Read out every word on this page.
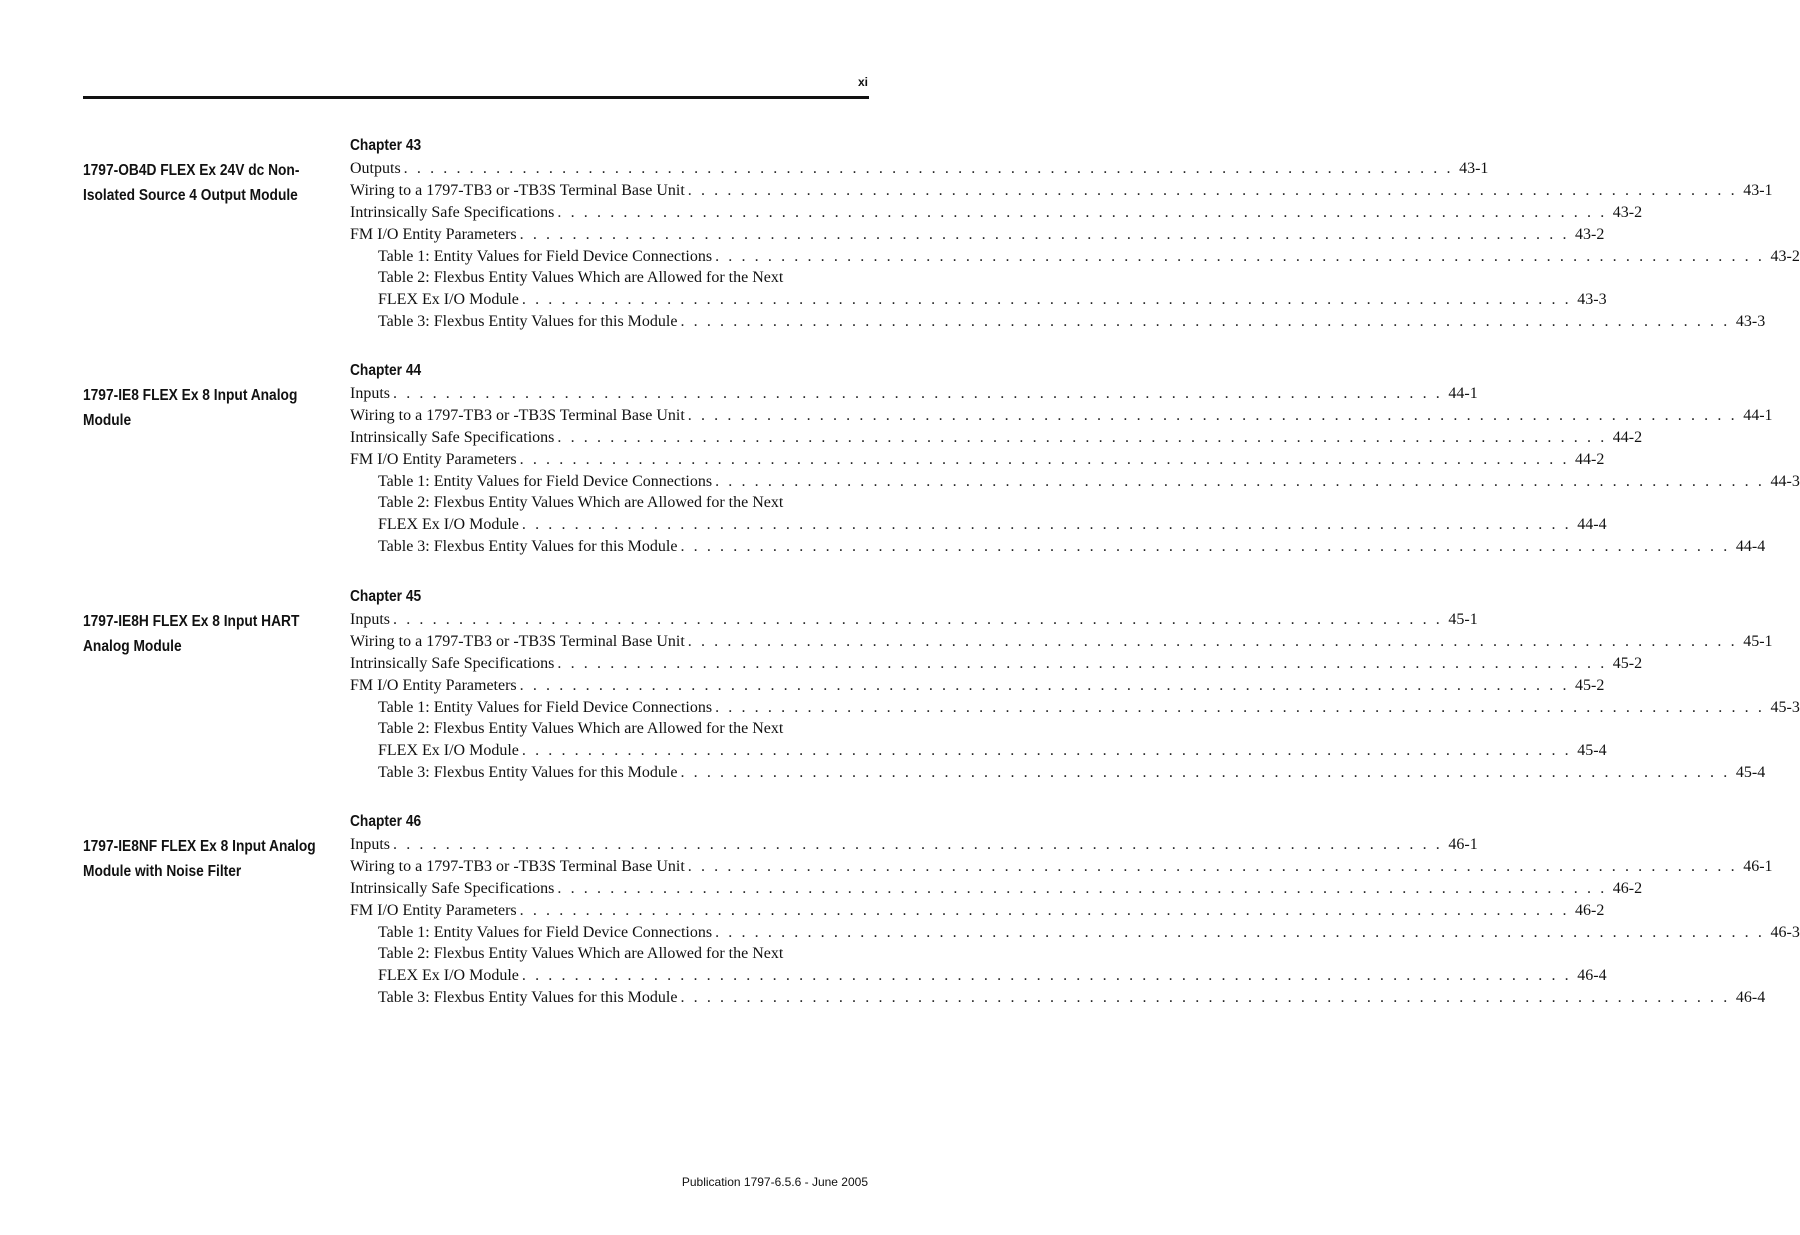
xi
1797-OB4D FLEX Ex 24V dc Non-Isolated Source 4 Output Module
Chapter 43
Outputs . . . . . . . . . . . . . . . . . . . . . . . . . . . . . . . . . . . . . . . . . . . . . . . . . . . . . . . . . . . . . . . . . . . . . . . . . . . . . . . . 43-1
Wiring to a 1797-TB3 or -TB3S Terminal Base Unit . . . . . . . . . . . . . . . . . . . . . . . . . . . . . . . . . . . . . . . . . . . . . . . . . . . . . . . . . . . . . . . . . . . . . . . . . . . . . . . . 43-1
Intrinsically Safe Specifications . . . . . . . . . . . . . . . . . . . . . . . . . . . . . . . . . . . . . . . . . . . . . . . . . . . . . . . . . . . . . . . . . . . . . . . . . . . . . . . . 43-2
FM I/O Entity Parameters . . . . . . . . . . . . . . . . . . . . . . . . . . . . . . . . . . . . . . . . . . . . . . . . . . . . . . . . . . . . . . . . . . . . . . . . . . . . . . . . 43-2
Table 1: Entity Values for Field Device Connections . . . . . . . . . . . . . . . . . . . . . . . . . . . . . . . . . . . . . . . . . . . . . . . . . . . . . . . . . . . . . . . . . . . . . . . . . . . . . . . . 43-2
Table 2: Flexbus Entity Values Which are Allowed for the Next
FLEX Ex I/O Module . . . . . . . . . . . . . . . . . . . . . . . . . . . . . . . . . . . . . . . . . . . . . . . . . . . . . . . . . . . . . . . . . . . . . . . . . . . . . . . . 43-3
Table 3: Flexbus Entity Values for this Module . . . . . . . . . . . . . . . . . . . . . . . . . . . . . . . . . . . . . . . . . . . . . . . . . . . . . . . . . . . . . . . . . . . . . . . . . . . . . . . . 43-3
1797-IE8 FLEX Ex 8 Input Analog Module
Chapter 44
Inputs . . . . . . . . . . . . . . . . . . . . . . . . . . . . . . . . . . . . . . . . . . . . . . . . . . . . . . . . . . . . . . . . . . . . . . . . . . . . . . . . 44-1
Wiring to a 1797-TB3 or -TB3S Terminal Base Unit . . . . . . . . . . . . . . . . . . . . . . . . . . . . . . . . . . . . . . . . . . . . . . . . . . . . . . . . . . . . . . . . . . . . . . . . . . . . . . . . 44-1
Intrinsically Safe Specifications . . . . . . . . . . . . . . . . . . . . . . . . . . . . . . . . . . . . . . . . . . . . . . . . . . . . . . . . . . . . . . . . . . . . . . . . . . . . . . . . 44-2
FM I/O Entity Parameters . . . . . . . . . . . . . . . . . . . . . . . . . . . . . . . . . . . . . . . . . . . . . . . . . . . . . . . . . . . . . . . . . . . . . . . . . . . . . . . . 44-2
Table 1: Entity Values for Field Device Connections . . . . . . . . . . . . . . . . . . . . . . . . . . . . . . . . . . . . . . . . . . . . . . . . . . . . . . . . . . . . . . . . . . . . . . . . . . . . . . . . 44-3
Table 2: Flexbus Entity Values Which are Allowed for the Next
FLEX Ex I/O Module . . . . . . . . . . . . . . . . . . . . . . . . . . . . . . . . . . . . . . . . . . . . . . . . . . . . . . . . . . . . . . . . . . . . . . . . . . . . . . . . 44-4
Table 3: Flexbus Entity Values for this Module . . . . . . . . . . . . . . . . . . . . . . . . . . . . . . . . . . . . . . . . . . . . . . . . . . . . . . . . . . . . . . . . . . . . . . . . . . . . . . . . 44-4
1797-IE8H FLEX Ex 8 Input HART Analog Module
Chapter 45
Inputs . . . . . . . . . . . . . . . . . . . . . . . . . . . . . . . . . . . . . . . . . . . . . . . . . . . . . . . . . . . . . . . . . . . . . . . . . . . . . . . . 45-1
Wiring to a 1797-TB3 or -TB3S Terminal Base Unit . . . . . . . . . . . . . . . . . . . . . . . . . . . . . . . . . . . . . . . . . . . . . . . . . . . . . . . . . . . . . . . . . . . . . . . . . . . . . . . . 45-1
Intrinsically Safe Specifications . . . . . . . . . . . . . . . . . . . . . . . . . . . . . . . . . . . . . . . . . . . . . . . . . . . . . . . . . . . . . . . . . . . . . . . . . . . . . . . . 45-2
FM I/O Entity Parameters . . . . . . . . . . . . . . . . . . . . . . . . . . . . . . . . . . . . . . . . . . . . . . . . . . . . . . . . . . . . . . . . . . . . . . . . . . . . . . . . 45-2
Table 1: Entity Values for Field Device Connections . . . . . . . . . . . . . . . . . . . . . . . . . . . . . . . . . . . . . . . . . . . . . . . . . . . . . . . . . . . . . . . . . . . . . . . . . . . . . . . . 45-3
Table 2: Flexbus Entity Values Which are Allowed for the Next
FLEX Ex I/O Module . . . . . . . . . . . . . . . . . . . . . . . . . . . . . . . . . . . . . . . . . . . . . . . . . . . . . . . . . . . . . . . . . . . . . . . . . . . . . . . . 45-4
Table 3: Flexbus Entity Values for this Module . . . . . . . . . . . . . . . . . . . . . . . . . . . . . . . . . . . . . . . . . . . . . . . . . . . . . . . . . . . . . . . . . . . . . . . . . . . . . . . . 45-4
1797-IE8NF FLEX Ex 8 Input Analog Module with Noise Filter
Chapter 46
Inputs . . . . . . . . . . . . . . . . . . . . . . . . . . . . . . . . . . . . . . . . . . . . . . . . . . . . . . . . . . . . . . . . . . . . . . . . . . . . . . . . 46-1
Wiring to a 1797-TB3 or -TB3S Terminal Base Unit . . . . . . . . . . . . . . . . . . . . . . . . . . . . . . . . . . . . . . . . . . . . . . . . . . . . . . . . . . . . . . . . . . . . . . . . . . . . . . . . 46-1
Intrinsically Safe Specifications . . . . . . . . . . . . . . . . . . . . . . . . . . . . . . . . . . . . . . . . . . . . . . . . . . . . . . . . . . . . . . . . . . . . . . . . . . . . . . . . 46-2
FM I/O Entity Parameters . . . . . . . . . . . . . . . . . . . . . . . . . . . . . . . . . . . . . . . . . . . . . . . . . . . . . . . . . . . . . . . . . . . . . . . . . . . . . . . . 46-2
Table 1: Entity Values for Field Device Connections . . . . . . . . . . . . . . . . . . . . . . . . . . . . . . . . . . . . . . . . . . . . . . . . . . . . . . . . . . . . . . . . . . . . . . . . . . . . . . . . 46-3
Table 2: Flexbus Entity Values Which are Allowed for the Next
FLEX Ex I/O Module . . . . . . . . . . . . . . . . . . . . . . . . . . . . . . . . . . . . . . . . . . . . . . . . . . . . . . . . . . . . . . . . . . . . . . . . . . . . . . . . 46-4
Table 3: Flexbus Entity Values for this Module . . . . . . . . . . . . . . . . . . . . . . . . . . . . . . . . . . . . . . . . . . . . . . . . . . . . . . . . . . . . . . . . . . . . . . . . . . . . . . . . 46-4
Publication 1797-6.5.6 - June 2005
